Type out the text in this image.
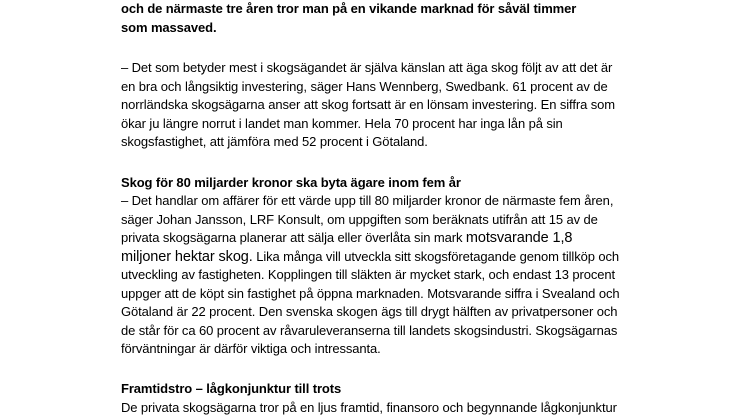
och de närmaste tre åren tror man på en vikande marknad för såväl timmer
som massaved.
– Det som betyder mest i skogsägandet är själva känslan att äga skog följt av att det är
en bra och långsiktig investering, säger Hans Wennberg, Swedbank. 61 procent av de
norrländska skogsägarna anser att skog fortsatt är en lönsam investering. En siffra som
ökar ju längre norrut i landet man kommer. Hela 70 procent har inga lån på sin
skogsfastighet, att jämföra med 52 procent i Götaland.
Skog för 80 miljarder kronor ska byta ägare inom fem år
– Det handlar om affärer för ett värde upp till 80 miljarder kronor de närmaste fem åren,
säger Johan Jansson, LRF Konsult, om uppgiften som beräknats utifrån att 15 av de
privata skogsägarna planerar att sälja eller överlåta sin mark motsvarande 1,8
miljoner hektar skog. Lika många vill utveckla sitt skogsföretagande genom tillköp och
utveckling av fastigheten. Kopplingen till släkten är mycket stark, och endast 13 procent
uppger att de köpt sin fastighet på öppna marknaden. Motsvarande siffra i Svealand och
Götaland är 22 procent. Den svenska skogen ägs till drygt hälften av privatpersoner och
de står för ca 60 procent av råvaruleveranserna till landets skogsindustri. Skogsägarnas
förväntningar är därför viktiga och intressanta.
Framtidstro – lågkonjunktur till trots
De privata skogsägarna tror på en ljus framtid, finansoro och begynnande lågkonjunktur
